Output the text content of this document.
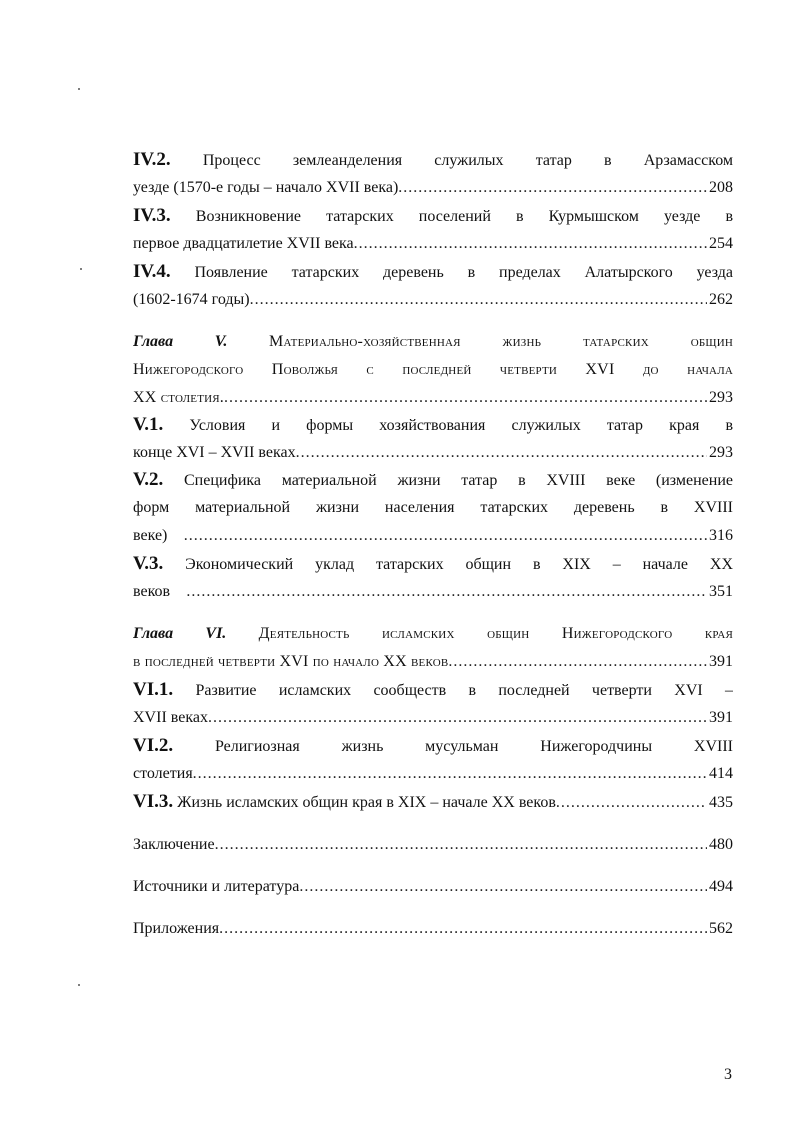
IV.2. Процесс землеанделения служилых татар в Арзамасском
уезде (1570-е годы – начало XVII века) .....	208
IV.3. Возникновение татарских поселений в Курмышском уезде в
первое двадцатилетие XVII века .....	254
IV.4. Появление татарских деревень в пределах Алатырского уезда
(1602-1674 годы) .....	262
Глава V.	Материально-хозяйственная жизнь татарских общин
Нижегородского Поволжья с последней четверти XVI до начала
XX столетия. .....	293
V.1. Условия и формы хозяйствования служилых татар края в
конце XVI – XVII веках .....	293
V.2. Специфика материальной жизни татар в XVIII веке (изменение
форм материальной жизни населения татарских деревень в XVIII
веке) .....	316
V.3. Экономический уклад татарских общин в XIX – начале XX
веков .....	351
Глава VI. Деятельность исламских общин Нижегородского края
в последней четверти XVI по начало XX веков .....	391
VI.1. Развитие исламских сообществ в последней четверти XVI –
XVII веках .....	391
VI.2.	Религиозная жизнь мусульман Нижегородчины XVIII
столетия .....	414
VI.3. Жизнь исламских общин края в XIX – начале XX веков .....	435
Заключение .....	480
Источники и литература .....	494
Приложения .....	562
3
